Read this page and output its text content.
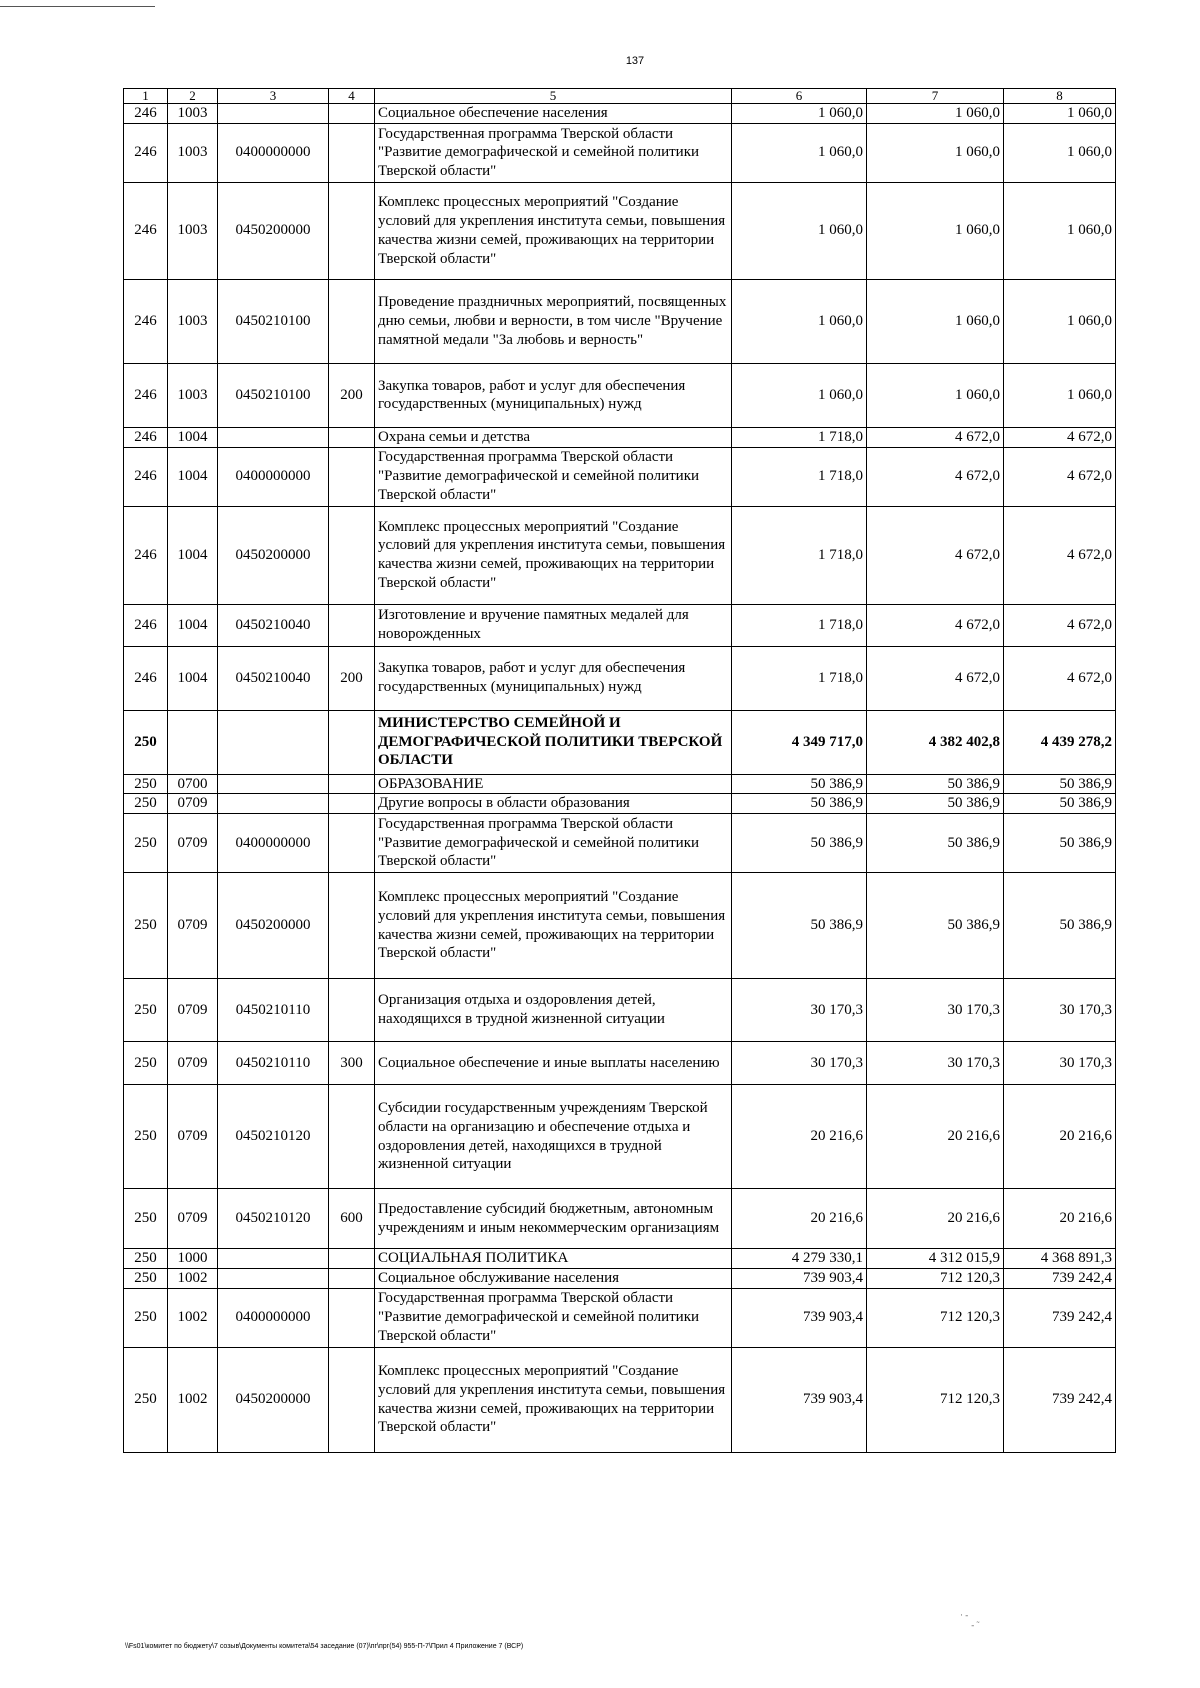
137
1	2	3	4	5	6	7	8
246	1003			Социальное обеспечение населения	1 060,0	1 060,0	1 060,0
246	1003	0400000000		Государственная программа Тверской области "Развитие демографической и семейной политики Тверской области"	1 060,0	1 060,0	1 060,0
246	1003	0450200000		Комплекс процессных мероприятий "Создание условий для укрепления института семьи, повышения качества жизни семей, проживающих на территории Тверской области"	1 060,0	1 060,0	1 060,0
246	1003	0450210100		Проведение праздничных мероприятий, посвященных дню семьи, любви и верности, в том числе "Вручение памятной медали "За любовь и верность"	1 060,0	1 060,0	1 060,0
246	1003	0450210100	200	Закупка товаров, работ и услуг для обеспечения государственных (муниципальных) нужд	1 060,0	1 060,0	1 060,0
246	1004			Охрана семьи и детства	1 718,0	4 672,0	4 672,0
246	1004	0400000000		Государственная программа Тверской области "Развитие демографической и семейной политики Тверской области"	1 718,0	4 672,0	4 672,0
246	1004	0450200000		Комплекс процессных мероприятий "Создание условий для укрепления института семьи, повышения качества жизни семей, проживающих на территории Тверской области"	1 718,0	4 672,0	4 672,0
246	1004	0450210040		Изготовление и вручение памятных медалей для новорожденных	1 718,0	4 672,0	4 672,0
246	1004	0450210040	200	Закупка товаров, работ и услуг для обеспечения государственных (муниципальных) нужд	1 718,0	4 672,0	4 672,0
250				МИНИСТЕРСТВО СЕМЕЙНОЙ И ДЕМОГРАФИЧЕСКОЙ ПОЛИТИКИ ТВЕРСКОЙ ОБЛАСТИ	4 349 717,0	4 382 402,8	4 439 278,2
250	0700			ОБРАЗОВАНИЕ	50 386,9	50 386,9	50 386,9
250	0709			Другие вопросы в области образования	50 386,9	50 386,9	50 386,9
250	0709	0400000000		Государственная программа Тверской области "Развитие демографической и семейной политики Тверской области"	50 386,9	50 386,9	50 386,9
250	0709	0450200000		Комплекс процессных мероприятий "Создание условий для укрепления института семьи, повышения качества жизни семей, проживающих на территории Тверской области"	50 386,9	50 386,9	50 386,9
250	0709	0450210110		Организация отдыха и оздоровления детей, находящихся в трудной жизненной ситуации	30 170,3	30 170,3	30 170,3
250	0709	0450210110	300	Социальное обеспечение и иные выплаты населению	30 170,3	30 170,3	30 170,3
250	0709	0450210120		Субсидии государственным учреждениям Тверской области на организацию и обеспечение отдыха и оздоровления детей, находящихся в трудной жизненной ситуации	20 216,6	20 216,6	20 216,6
250	0709	0450210120	600	Предоставление субсидий бюджетным, автономным учреждениям и иным некоммерческим организациям	20 216,6	20 216,6	20 216,6
250	1000			СОЦИАЛЬНАЯ ПОЛИТИКА	4 279 330,1	4 312 015,9	4 368 891,3
250	1002			Социальное обслуживание населения	739 903,4	712 120,3	739 242,4
250	1002	0400000000		Государственная программа Тверской области "Развитие демографической и семейной политики Тверской области"	739 903,4	712 120,3	739 242,4
250	1002	0450200000		Комплекс процессных мероприятий "Создание условий для укрепления института семьи, повышения качества жизни семей, проживающих на территории Тверской области"	739 903,4	712 120,3	739 242,4
· -
- ˜
\\Fs01\комитет по бюджету\7 созыв\Документы комитета\54 заседание (07)\пг\прг(54) 955-П-7\Прил 4 Приложение 7 (ВСР)
